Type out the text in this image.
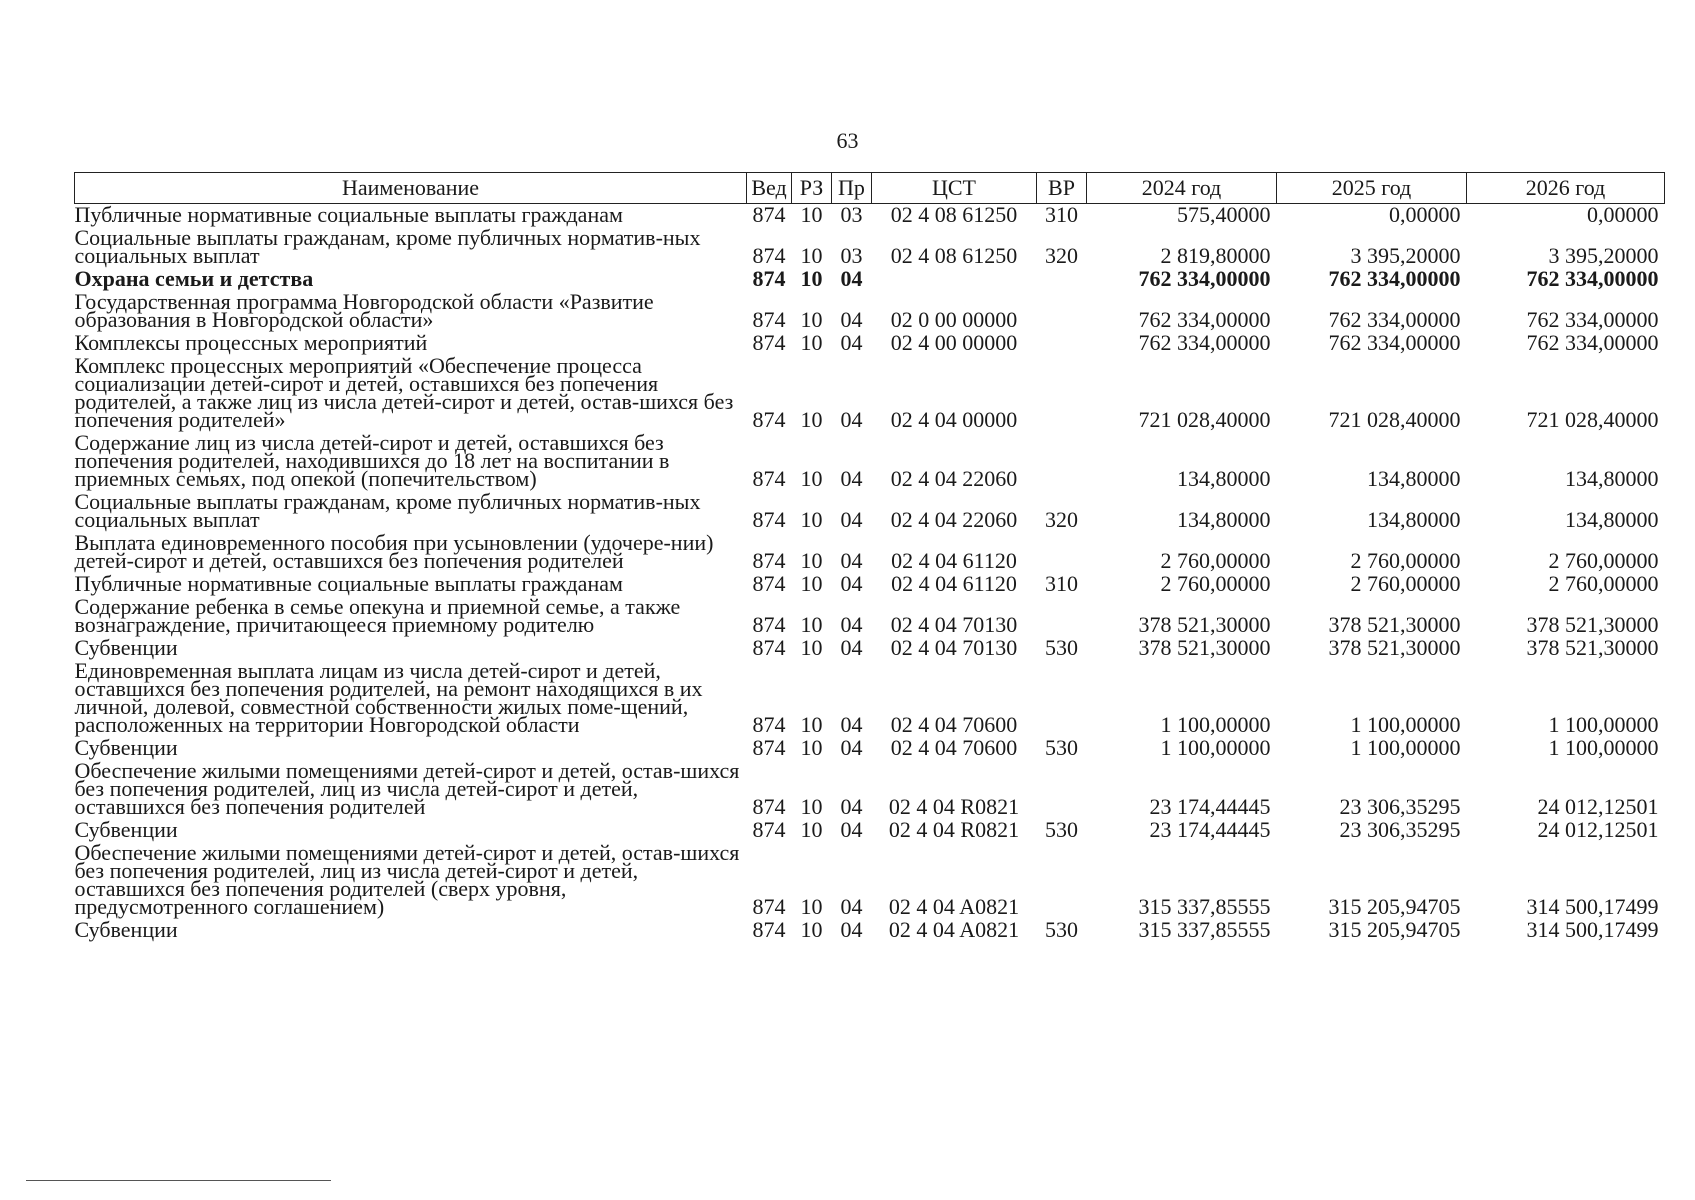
63
Наименование	Вед	РЗ	Пр	ЦСТ	ВР	2024 год	2025 год	2026 год
Публичные нормативные социальные выплаты гражданам	874	10	03	02 4 08 61250	310	575,40000	0,00000	0,00000
Социальные выплаты гражданам, кроме публичных норматив-ных социальных выплат	874	10	03	02 4 08 61250	320	2 819,80000	3 395,20000	3 395,20000
Охрана семьи и детства	874	10	04			762 334,00000	762 334,00000	762 334,00000
Государственная программа Новгородской области «Развитие образования в Новгородской области»	874	10	04	02 0 00 00000		762 334,00000	762 334,00000	762 334,00000
Комплексы процессных мероприятий	874	10	04	02 4 00 00000		762 334,00000	762 334,00000	762 334,00000
Комплекс процессных мероприятий «Обеспечение процесса социализации детей-сирот и детей, оставшихся без попечения родителей, а также лиц из числа детей-сирот и детей, остав-шихся без попечения родителей»	874	10	04	02 4 04 00000		721 028,40000	721 028,40000	721 028,40000
Содержание лиц из числа детей-сирот и детей, оставшихся без попечения родителей, находившихся до 18 лет на воспитании в приемных семьях, под опекой (попечительством)	874	10	04	02 4 04 22060		134,80000	134,80000	134,80000
Социальные выплаты гражданам, кроме публичных норматив-ных социальных выплат	874	10	04	02 4 04 22060	320	134,80000	134,80000	134,80000
Выплата единовременного пособия при усыновлении (удочере-нии) детей-сирот и детей, оставшихся без попечения родителей	874	10	04	02 4 04 61120		2 760,00000	2 760,00000	2 760,00000
Публичные нормативные социальные выплаты гражданам	874	10	04	02 4 04 61120	310	2 760,00000	2 760,00000	2 760,00000
Содержание ребенка в семье опекуна и приемной семье, а также вознаграждение, причитающееся приемному родителю	874	10	04	02 4 04 70130		378 521,30000	378 521,30000	378 521,30000
Субвенции	874	10	04	02 4 04 70130	530	378 521,30000	378 521,30000	378 521,30000
Единовременная выплата лицам из числа детей-сирот и детей, оставшихся без попечения родителей, на ремонт находящихся в их личной, долевой, совместной собственности жилых поме-щений, расположенных на территории Новгородской области	874	10	04	02 4 04 70600		1 100,00000	1 100,00000	1 100,00000
Субвенции	874	10	04	02 4 04 70600	530	1 100,00000	1 100,00000	1 100,00000
Обеспечение жилыми помещениями детей-сирот и детей, остав-шихся без попечения родителей, лиц из числа детей-сирот и детей, оставшихся без попечения родителей	874	10	04	02 4 04 R0821		23 174,44445	23 306,35295	24 012,12501
Субвенции	874	10	04	02 4 04 R0821	530	23 174,44445	23 306,35295	24 012,12501
Обеспечение жилыми помещениями детей-сирот и детей, остав-шихся без попечения родителей, лиц из числа детей-сирот и детей, оставшихся без попечения родителей (сверх уровня, предусмотренного соглашением)	874	10	04	02 4 04 A0821		315 337,85555	315 205,94705	314 500,17499
Субвенции	874	10	04	02 4 04 A0821	530	315 337,85555	315 205,94705	314 500,17499
